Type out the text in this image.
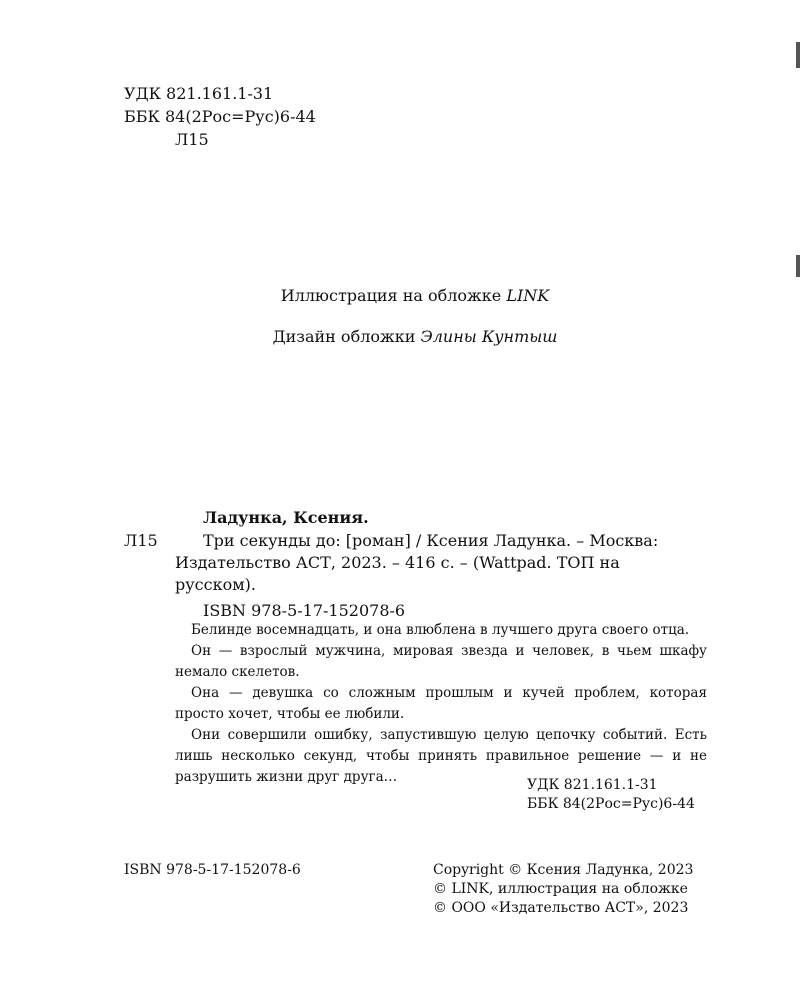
УДК 821.161.1-31
ББК 84(2Рос=Рус)6-44
Л15
Иллюстрация на обложке LINK
Дизайн обложки Элины Кунтыш
Ладунка, Ксения.
Л15	Три секунды до: [роман] / Ксения Ладунка. – Москва:
Издательство АСТ, 2023. – 416 с. – (Wattpad. ТОП на
русском).
ISBN 978-5-17-152078-6

Белинде восемнадцать, и она влюблена в лучшего друга своего отца.

Он — взрослый мужчина, мировая звезда и человек, в чьем шкафу немало скелетов.

Она — девушка со сложным прошлым и кучей проблем, которая просто хочет, чтобы ее любили.

Они совершили ошибку, запустившую целую цепочку событий. Есть лишь несколько секунд, чтобы принять правильное решение — и не разрушить жизни друг друга…	УДК 821.161.1-31
ББК 84(2Рос=Рус)6-44
ISBN 978-5-17-152078-6	Copyright © Ксения Ладунка, 2023
© LINK, иллюстрация на обложке
© ООО «Издательство АСТ», 2023
